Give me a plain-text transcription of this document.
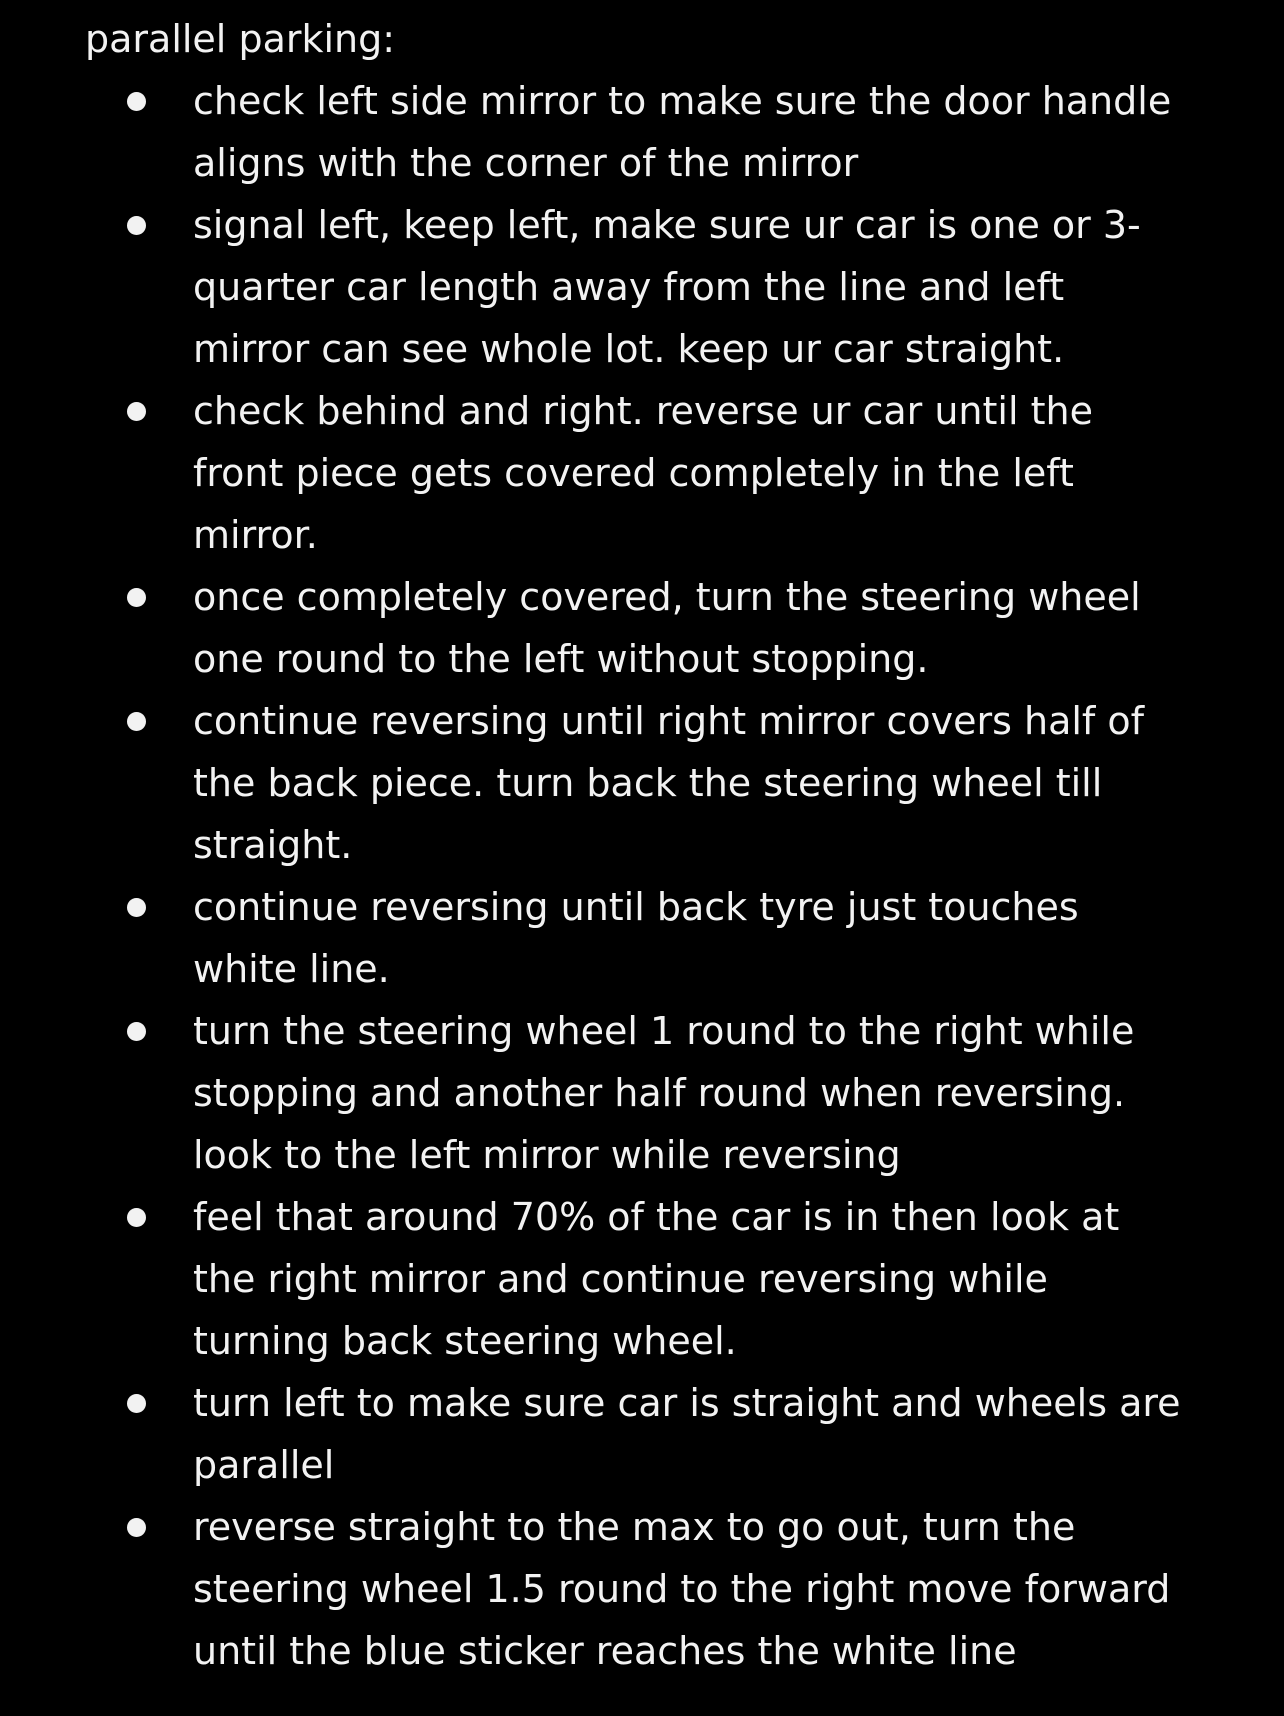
parallel parking:

check left side mirror to make sure the door handle
aligns with the corner of the mirror
signal left, keep left, make sure ur car is one or 3-
quarter car length away from the line and left
mirror can see whole lot. keep ur car straight.
check behind and right. reverse ur car until the
front piece gets covered completely in the left
mirror.
once completely covered, turn the steering wheel
one round to the left without stopping.
continue reversing until right mirror covers half of
the back piece. turn back the steering wheel till
straight.
continue reversing until back tyre just touches
white line.
turn the steering wheel 1 round to the right while
stopping and another half round when reversing.
look to the left mirror while reversing
feel that around 70% of the car is in then look at
the right mirror and continue reversing while
turning back steering wheel.
turn left to make sure car is straight and wheels are
parallel
reverse straight to the max to go out, turn the
steering wheel 1.5 round to the right move forward
until the blue sticker reaches the white line
